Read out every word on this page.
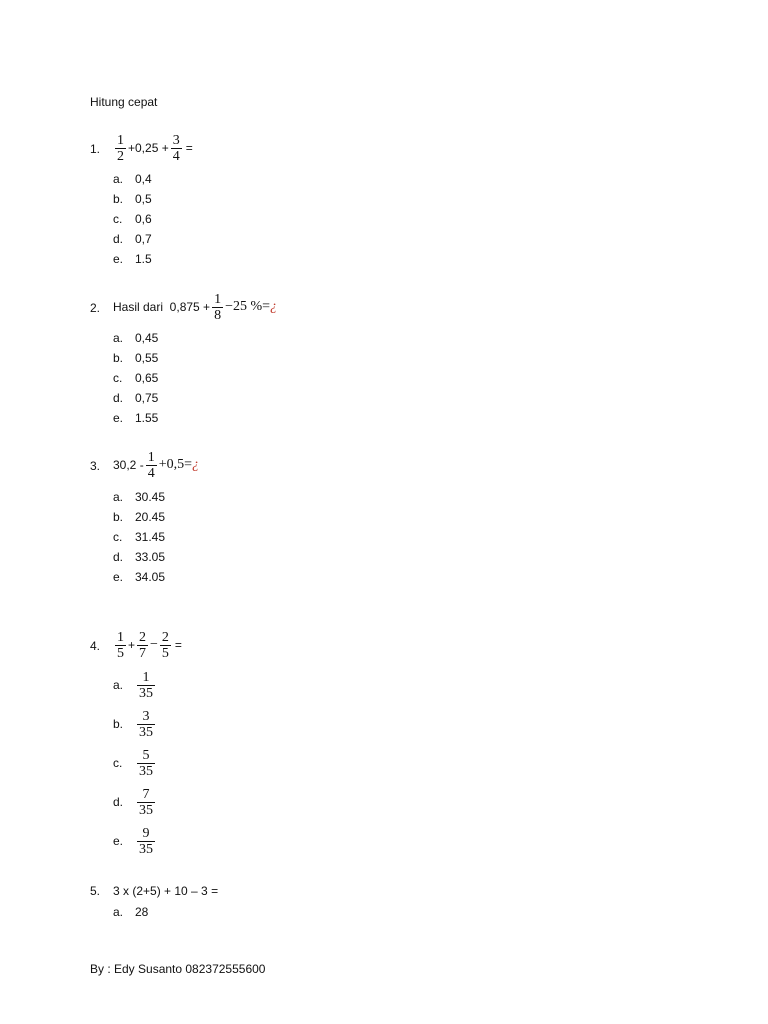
Hitung cepat
1.	$\frac{1}{2} +0,25 + \frac{3}{4}$ =
a. 0,4
b. 0,5
c.	0,6
d. 0,7
e. 1.5
2.	Hasil dari  $0,875 + \frac{1}{8} -25$ %= ¿
a. 0,45
b. 0,55
c.	0,65
d. 0,75
e. 1.55
3.	$30,2 - \frac{1}{4} +0,5=$ ¿
a. 30.45
b. 20.45
c.	31.45
d. 33.05
e. 34.05
4.	$\frac{1}{5} + \frac{2}{7} - \frac{2}{5}$ =
a. $\frac{1}{35}$
b. $\frac{3}{35}$
c.	$\frac{5}{35}$
d. $\frac{7}{35}$
e. $\frac{9}{35}$
5.	3 x (2+5) + 10 – 3 =
a. 28
By : Edy Susanto 082372555600
